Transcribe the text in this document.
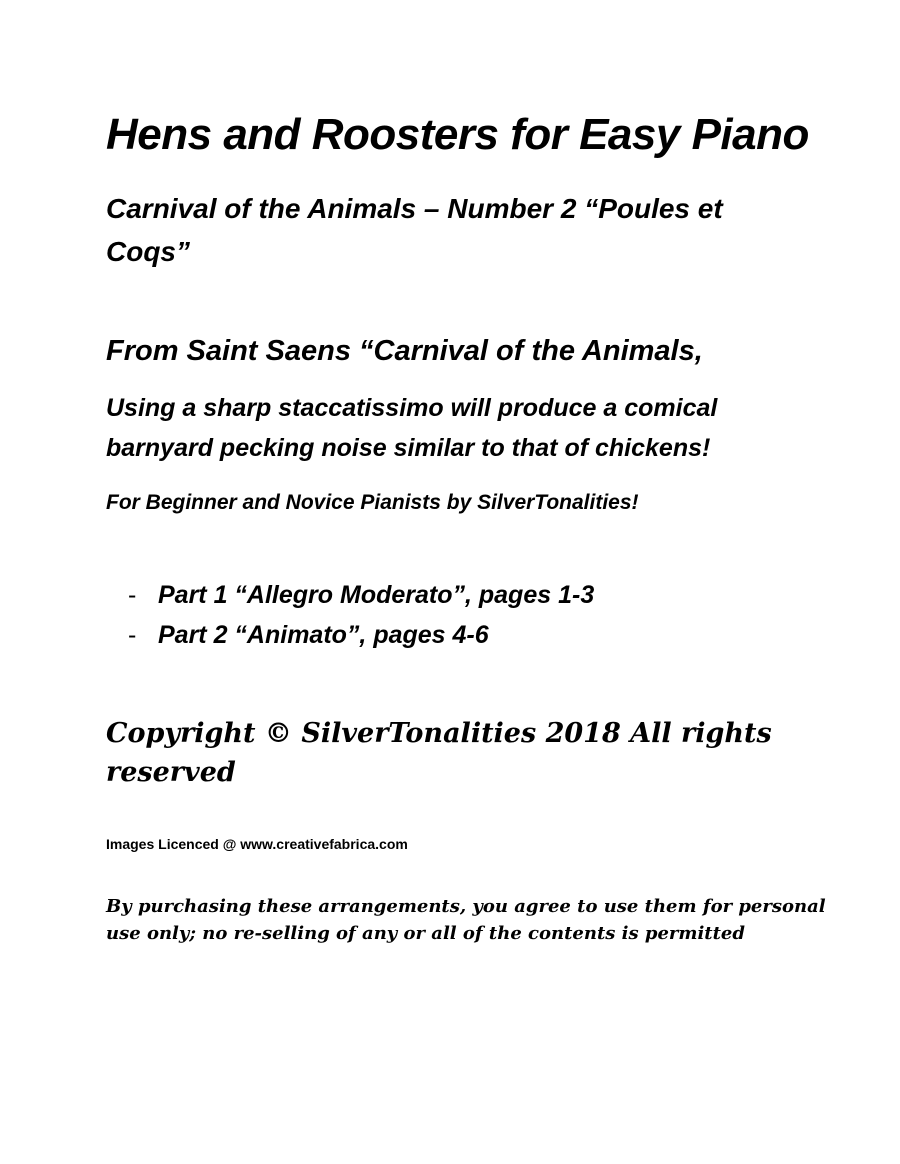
Hens and Roosters for Easy Piano
Carnival of the Animals – Number 2 “Poules et
Coqs”
From Saint Saens “Carnival of the Animals,
Using a sharp staccatissimo will produce a comical
barnyard pecking noise similar to that of chickens!
For Beginner and Novice Pianists by SilverTonalities!
- Part 1 “Allegro Moderato”, pages 1-3
- Part 2 “Animato”, pages 4-6
Copyright © SilverTonalities 2018 All rights
reserved
Images Licenced @ www.creativefabrica.com
By purchasing these arrangements, you agree to use them for personal
use only; no re-selling of any or all of the contents is permitted
